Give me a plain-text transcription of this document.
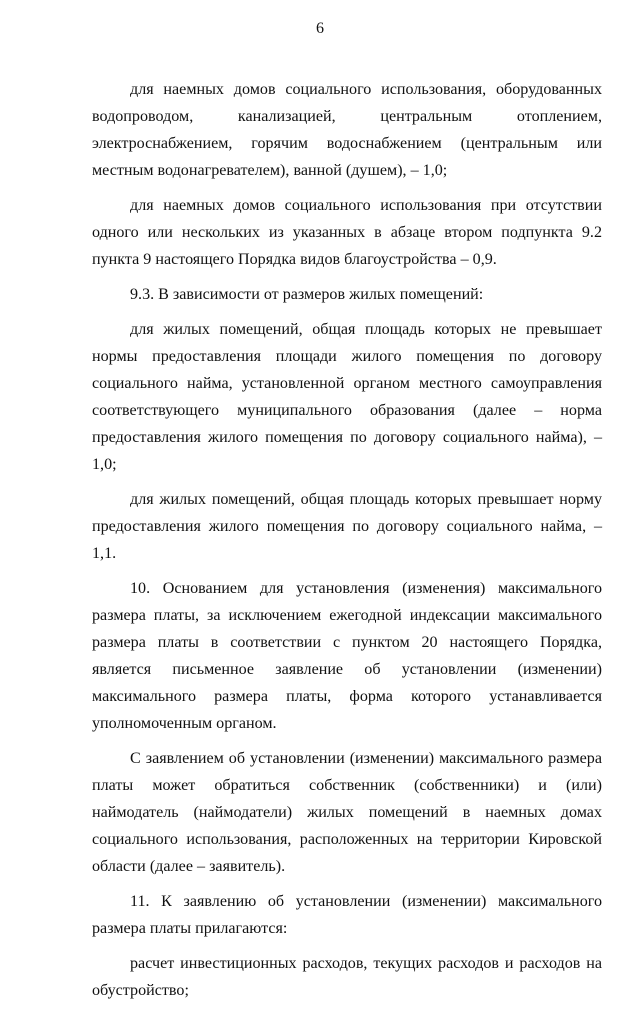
6

для наемных домов социального использования, оборудованных водопроводом, канализацией, центральным отоплением, электроснабжением, горячим водоснабжением (центральным или местным водонагревателем), ванной (душем), – 1,0;

для наемных домов социального использования при отсутствии одного или нескольких из указанных в абзаце втором подпункта 9.2 пункта 9 настоящего Порядка видов благоустройства – 0,9.

9.3. В зависимости от размеров жилых помещений:

для жилых помещений, общая площадь которых не превышает нормы предоставления площади жилого помещения по договору социального найма, установленной органом местного самоуправления соответствующего муниципального образования (далее – норма предоставления жилого помещения по договору социального найма), – 1,0;

для жилых помещений, общая площадь которых превышает норму предоставления жилого помещения по договору социального найма, – 1,1.

10. Основанием для установления (изменения) максимального размера платы, за исключением ежегодной индексации максимального размера платы в соответствии с пунктом 20 настоящего Порядка, является письменное заявление об установлении (изменении) максимального размера платы, форма которого устанавливается уполномоченным органом.

С заявлением об установлении (изменении) максимального размера платы может обратиться собственник (собственники) и (или) наймодатель (наймодатели) жилых помещений в наемных домах социального использования, расположенных на территории Кировской области (далее – заявитель).

11. К заявлению об установлении (изменении) максимального размера платы прилагаются:

расчет инвестиционных расходов, текущих расходов и расходов на обустройство;
